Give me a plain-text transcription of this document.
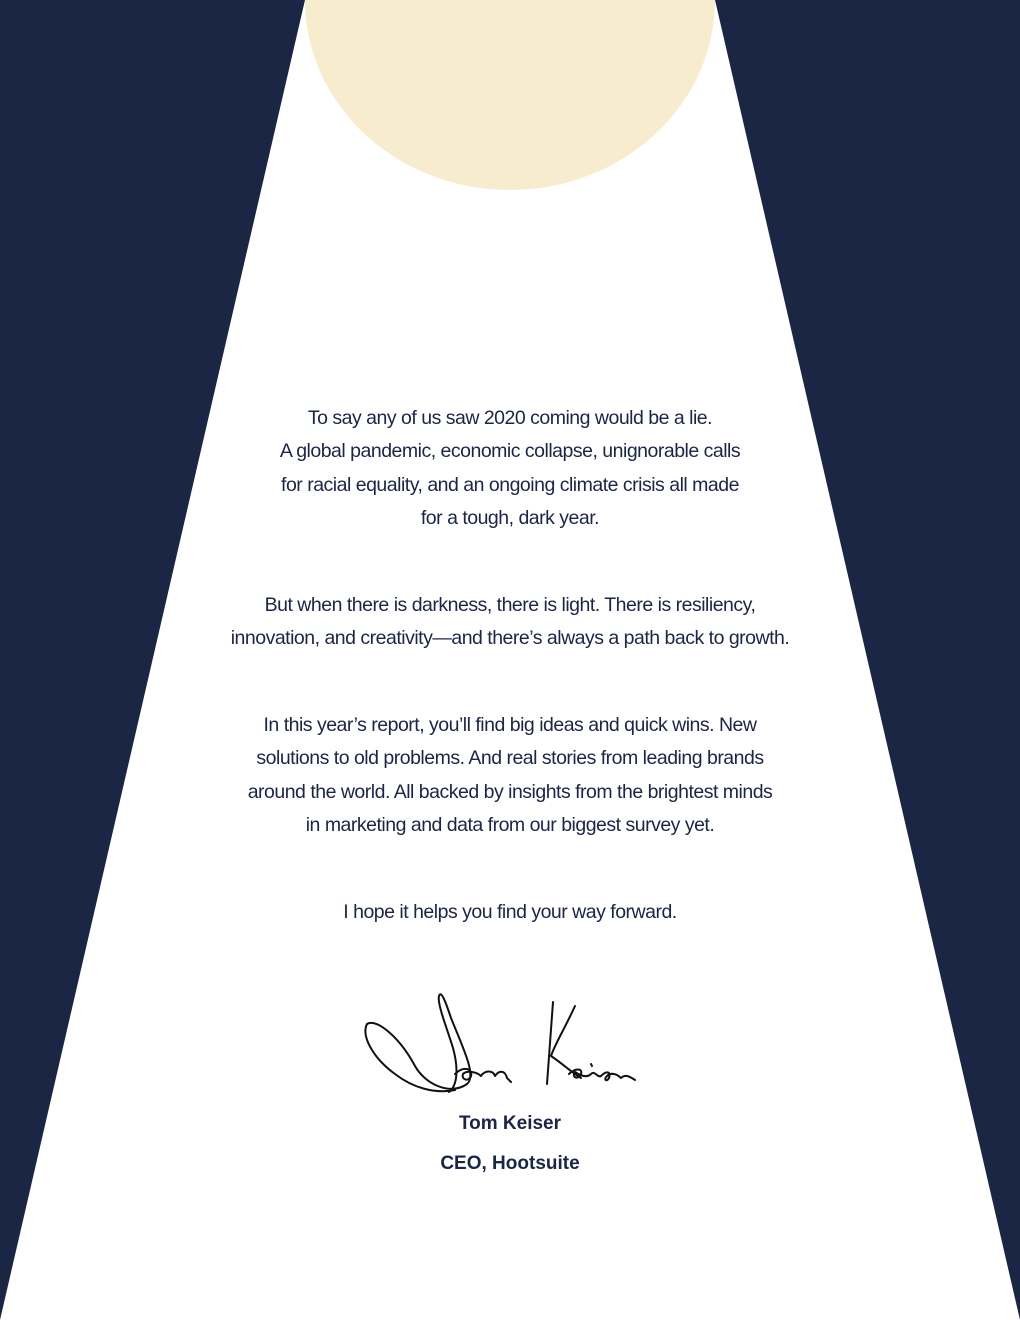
To say any of us saw 2020 coming would be a lie.
A global pandemic, economic collapse, unignorable calls
for racial equality, and an ongoing climate crisis all made
for a tough, dark year.

But when there is darkness, there is light. There is resiliency,
innovation, and creativity—and there’s always a path back to growth.

In this year’s report, you’ll find big ideas and quick wins. New
solutions to old problems. And real stories from leading brands
around the world. All backed by insights from the brightest minds
in marketing and data from our biggest survey yet.

I hope it helps you find your way forward.

Tom Keiser
CEO, Hootsuite
